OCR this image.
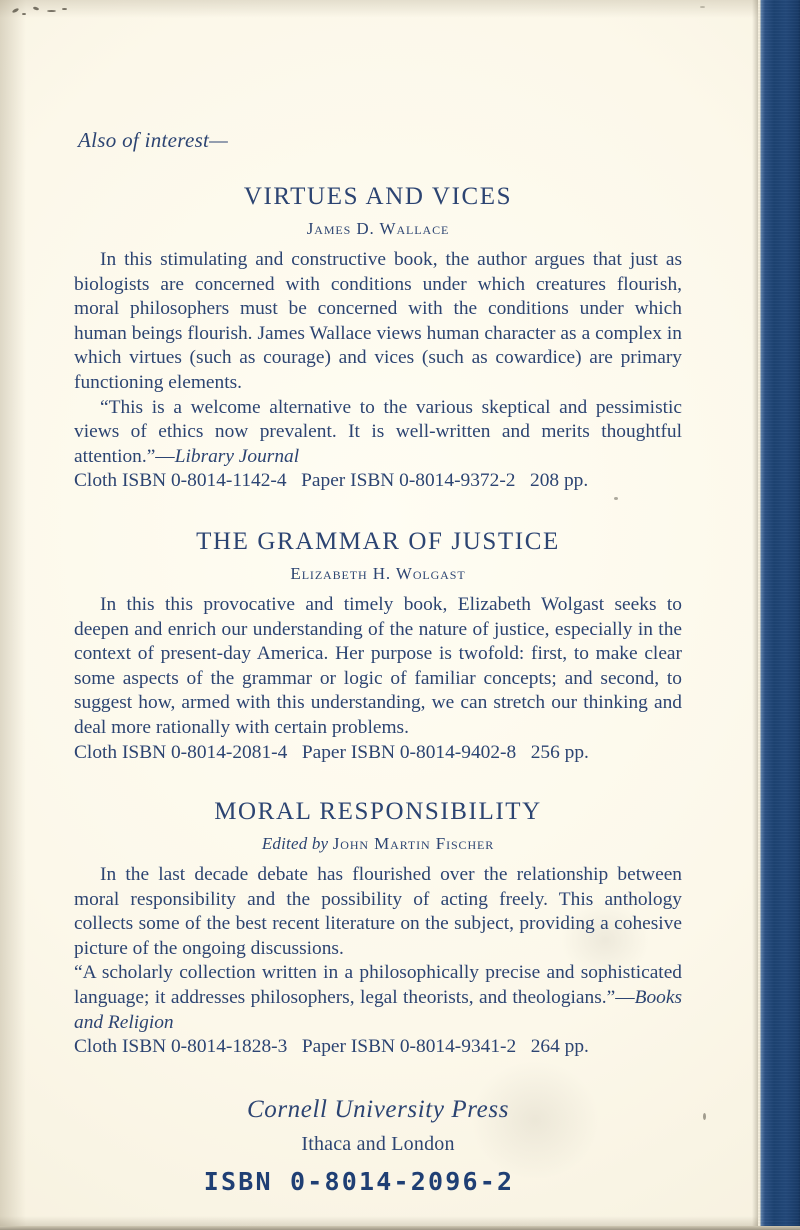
Also of interest—

VIRTUES AND VICES
James D. Wallace

In this stimulating and constructive book, the author argues that just as biologists are concerned with conditions under which creatures flourish, moral philosophers must be concerned with the conditions under which human beings flourish. James Wallace views human character as a complex in which virtues (such as courage) and vices (such as cowardice) are primary functioning elements.

“This is a welcome alternative to the various skeptical and pessimistic views of ethics now prevalent. It is well-written and merits thoughtful attention.”—Library Journal

Cloth ISBN 0-8014-1142-4   Paper ISBN 0-8014-9372-2   208 pp.

THE GRAMMAR OF JUSTICE
Elizabeth H. Wolgast

In this this provocative and timely book, Elizabeth Wolgast seeks to deepen and enrich our understanding of the nature of justice, especially in the context of present-day America. Her purpose is twofold: first, to make clear some aspects of the grammar or logic of familiar concepts; and second, to suggest how, armed with this understanding, we can stretch our thinking and deal more rationally with certain problems.

Cloth ISBN 0-8014-2081-4   Paper ISBN 0-8014-9402-8   256 pp.

MORAL RESPONSIBILITY
Edited by John Martin Fischer

In the last decade debate has flourished over the relationship between moral responsibility and the possibility of acting freely. This anthology collects some of the best recent literature on the subject, providing a cohesive picture of the ongoing discussions.

“A scholarly collection written in a philosophically precise and sophisticated language; it addresses philosophers, legal theorists, and theologians.”—Books and Religion

Cloth ISBN 0-8014-1828-3   Paper ISBN 0-8014-9341-2   264 pp.

Cornell University Press

Ithaca and London

ISBN 0-8014-2096-2
